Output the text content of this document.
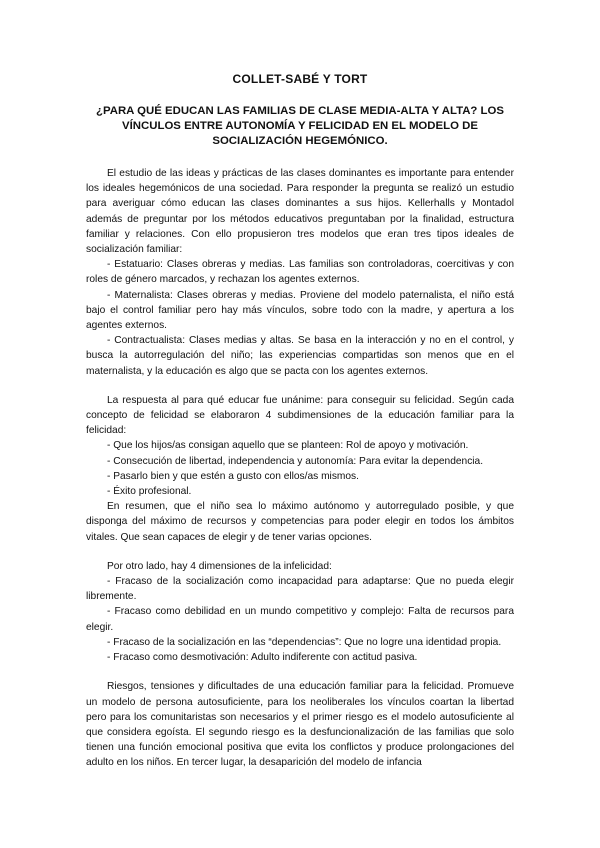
COLLET-SABÉ Y TORT
¿PARA QUÉ EDUCAN LAS FAMILIAS DE CLASE MEDIA-ALTA Y ALTA? LOS VÍNCULOS ENTRE AUTONOMÍA Y FELICIDAD EN EL MODELO DE SOCIALIZACIÓN HEGEMÓNICO.

El estudio de las ideas y prácticas de las clases dominantes es importante para entender los ideales hegemónicos de una sociedad. Para responder la pregunta se realizó un estudio para averiguar cómo educan las clases dominantes a sus hijos. Kellerhalls y Montadol además de preguntar por los métodos educativos preguntaban por la finalidad, estructura familiar y relaciones. Con ello propusieron tres modelos que eran tres tipos ideales de socialización familiar:

- Estatuario: Clases obreras y medias. Las familias son controladoras, coercitivas y con roles de género marcados, y rechazan los agentes externos.

- Maternalista: Clases obreras y medias. Proviene del modelo paternalista, el niño está bajo el control familiar pero hay más vínculos, sobre todo con la madre, y apertura a los agentes externos.

- Contractualista: Clases medias y altas. Se basa en la interacción y no en el control, y busca la autorregulación del niño; las experiencias compartidas son menos que en el maternalista, y la educación es algo que se pacta con los agentes externos.

La respuesta al para qué educar fue unánime: para conseguir su felicidad. Según cada concepto de felicidad se elaboraron 4 subdimensiones de la educación familiar para la felicidad:

- Que los hijos/as consigan aquello que se planteen: Rol de apoyo y motivación.

- Consecución de libertad, independencia y autonomía: Para evitar la dependencia.

- Pasarlo bien y que estén a gusto con ellos/as mismos.

- Éxito profesional.

En resumen, que el niño sea lo máximo autónomo y autorregulado posible, y que disponga del máximo de recursos y competencias para poder elegir en todos los ámbitos vitales. Que sean capaces de elegir y de tener varias opciones.

Por otro lado, hay 4 dimensiones de la infelicidad:

- Fracaso de la socialización como incapacidad para adaptarse: Que no pueda elegir libremente.

- Fracaso como debilidad en un mundo competitivo y complejo: Falta de recursos para elegir.

- Fracaso de la socialización en las “dependencias”: Que no logre una identidad propia.

- Fracaso como desmotivación: Adulto indiferente con actitud pasiva.

Riesgos, tensiones y dificultades de una educación familiar para la felicidad. Promueve un modelo de persona autosuficiente, para los neoliberales los vínculos coartan la libertad pero para los comunitaristas son necesarios y el primer riesgo es el modelo autosuficiente al que considera egoísta. El segundo riesgo es la desfuncionalización de las familias que solo tienen una función emocional positiva que evita los conflictos y produce prolongaciones del adulto en los niños. En tercer lugar, la desaparición del modelo de infancia
